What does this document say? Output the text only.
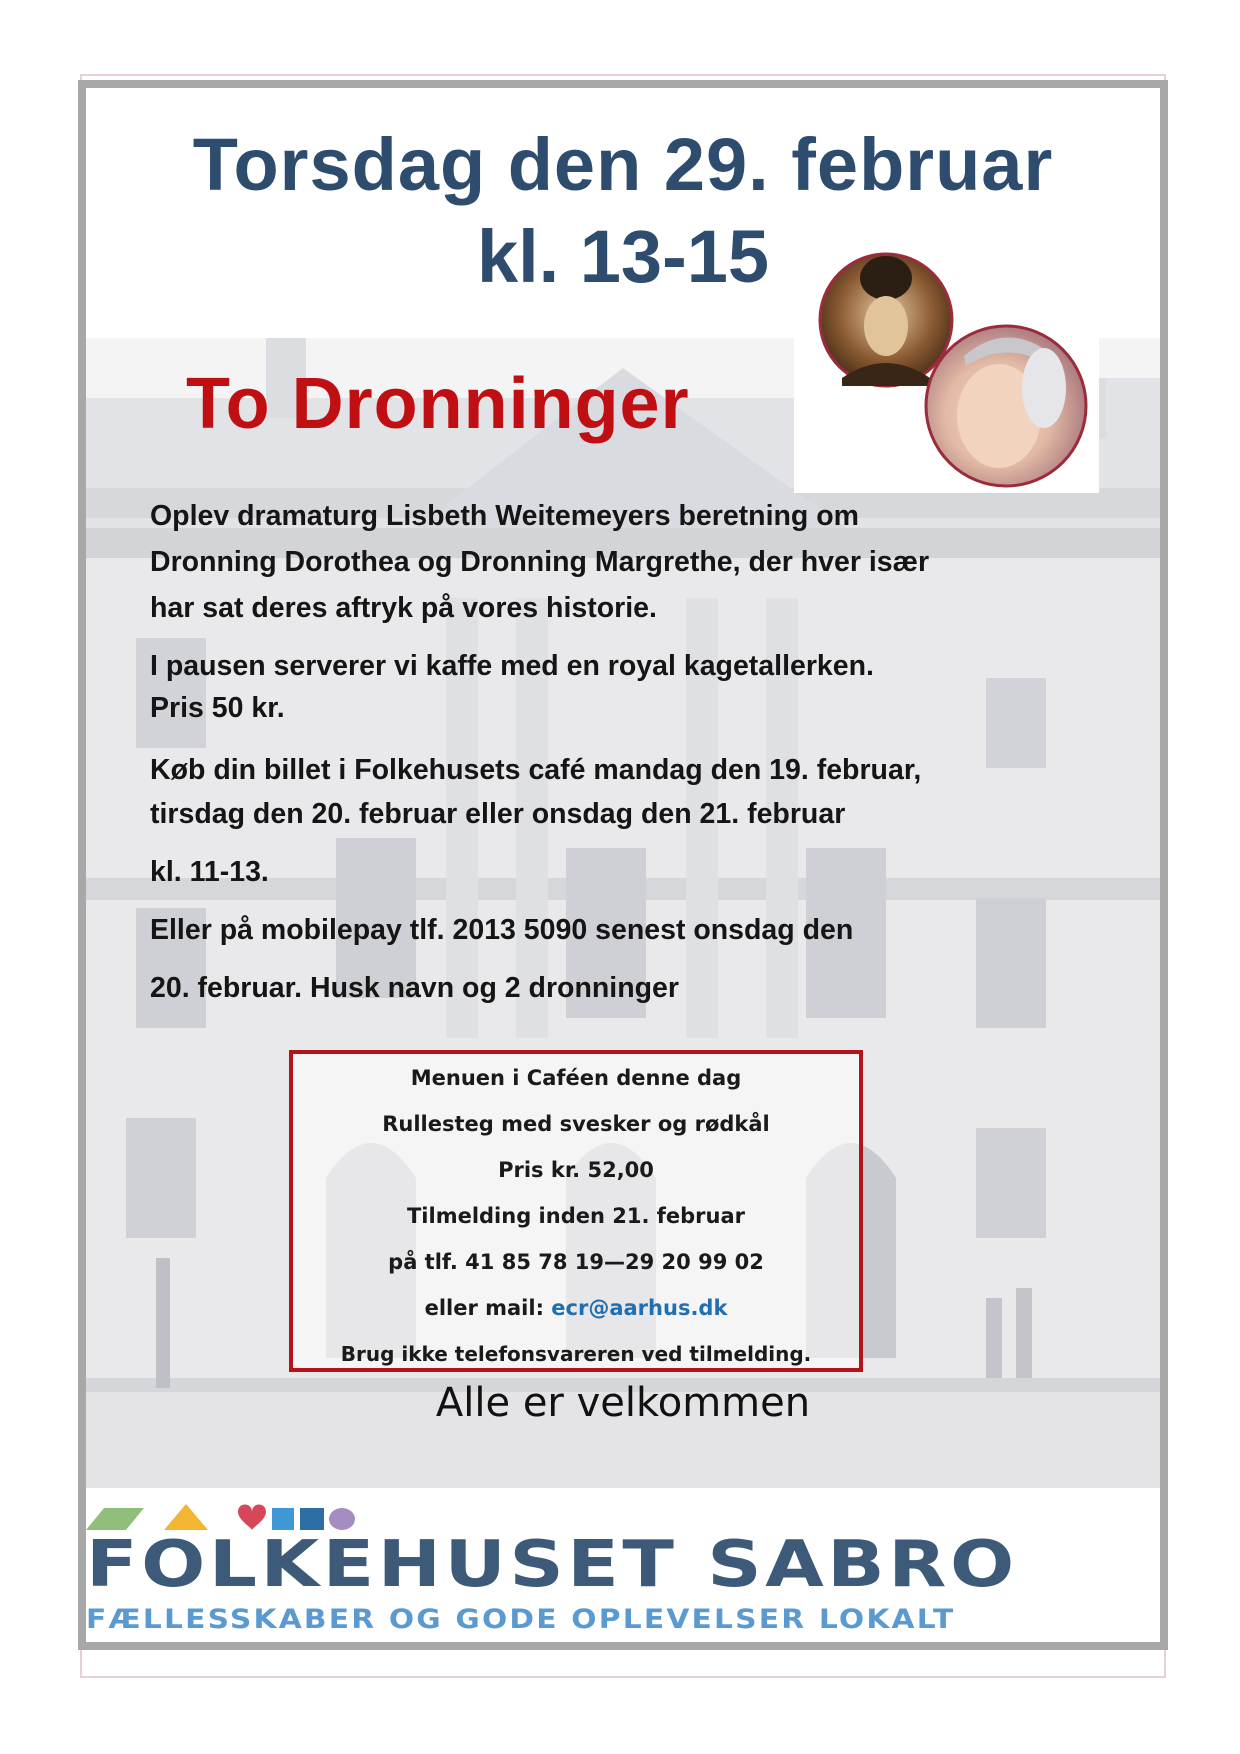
Torsdag den 29. februar
kl. 13-15
To Dronninger

Oplev dramaturg Lisbeth Weitemeyers beretning om

Dronning Dorothea og Dronning Margrethe, der hver især

har sat deres aftryk på vores historie.

I pausen serverer vi kaffe med en royal kagetallerken.

Pris 50 kr.

Køb din billet i Folkehusets café mandag den 19. februar,

tirsdag den 20. februar eller onsdag den 21. februar

kl. 11-13.

Eller på mobilepay tlf. 2013 5090 senest onsdag den

20. februar. Husk navn og 2 dronninger

Menuen i Caféen denne dag

Rullesteg med svesker og rødkål

Pris kr. 52,00

Tilmelding inden 21. februar

på tlf. 41 85 78 19—29 20 99 02

eller mail: ecr@aarhus.dk

Brug ikke telefonsvareren ved tilmelding.

Alle er velkommen

FOLKEHUSET SABRO

FÆLLESSKABER OG GODE OPLEVELSER LOKALT
